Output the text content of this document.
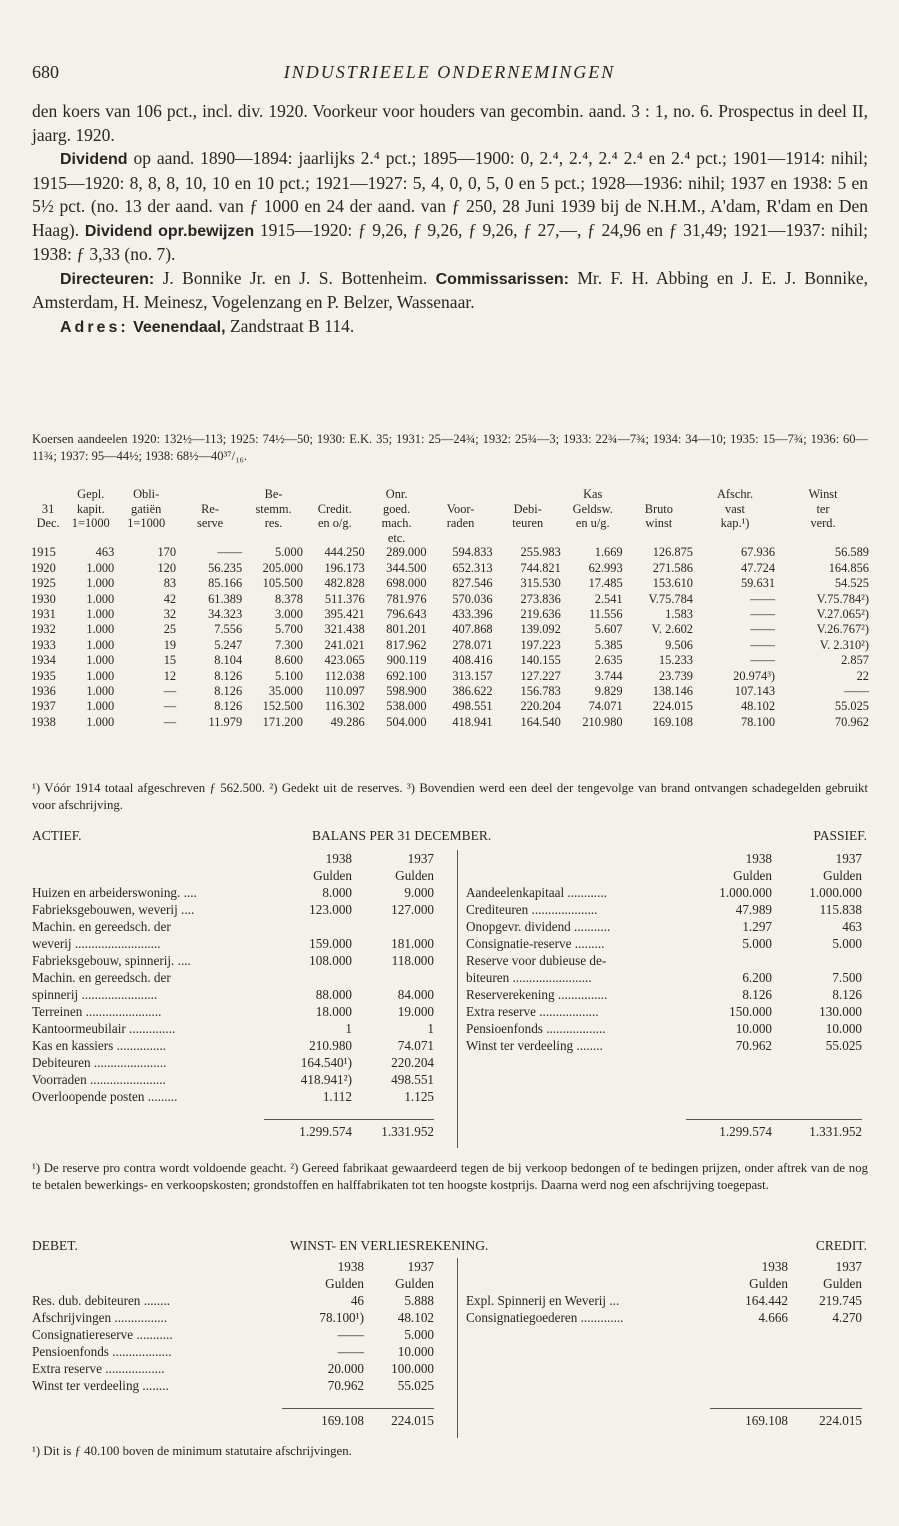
680	INDUSTRIEELE ONDERNEMINGEN

den koers van 106 pct., incl. div. 1920. Voorkeur voor houders van gecombin. aand. 3 : 1, no. 6. Prospectus in deel II, jaarg. 1920.

Dividend op aand. 1890—1894: jaarlijks 2.⁴ pct.; 1895—1900: 0, 2.⁴, 2.⁴, 2.⁴ 2.⁴ en 2.⁴ pct.; 1901—1914: nihil; 1915—1920: 8, 8, 8, 10, 10 en 10 pct.; 1921—1927: 5, 4, 0, 0, 5, 0 en 5 pct.; 1928—1936: nihil; 1937 en 1938: 5 en 5½ pct. (no. 13 der aand. van ƒ 1000 en 24 der aand. van ƒ 250, 28 Juni 1939 bij de N.H.M., A'dam, R'dam en Den Haag). Dividend opr.bewijzen 1915—1920: ƒ 9,26, ƒ 9,26, ƒ 9,26, ƒ 27,—, ƒ 24,96 en ƒ 31,49; 1921—1937: nihil; 1938: ƒ 3,33 (no. 7).

Directeuren: J. Bonnike Jr. en J. S. Bottenheim. Commissarissen: Mr. F. H. Abbing en J. E. J. Bonnike, Amsterdam, H. Meinesz, Vogelenzang en P. Belzer, Wassenaar.

Adres: Veenendaal, Zandstraat B 114.

Koersen aandeelen 1920: 132½—113; 1925: 74½—50; 1930: E.K. 35; 1931: 25—24¾; 1932: 25¾—3; 1933: 22¾—7¾; 1934: 34—10; 1935: 15—7¾; 1936: 60—11¾; 1937: 95—44½; 1938: 68½—40³⁷/₁₆.

	Gepl.	Obli-		Be-		Onr.			Kas		Afschr.	Winst
31	kapit.	gatiën	Re-	stemm.	Credit.	goed.	Voor-	Debi-	Geldsw.	Bruto	vast	ter
Dec.	1=1000	1=1000	serve	res.	en o/g.	mach.	raden	teuren	en u/g.	winst	kap.¹)	verd.
						etc.						
1915	463	170	——	5.000	444.250	289.000	594.833	255.983	1.669	126.875	67.936	56.589
1920	1.000	120	56.235	205.000	196.173	344.500	652.313	744.821	62.993	271.586	47.724	164.856
1925	1.000	83	85.166	105.500	482.828	698.000	827.546	315.530	17.485	153.610	59.631	54.525
1930	1.000	42	61.389	8.378	511.376	781.976	570.036	273.836	2.541	V.75.784	——	V.75.784²)
1931	1.000	32	34.323	3.000	395.421	796.643	433.396	219.636	11.556	1.583	——	V.27.065²)
1932	1.000	25	7.556	5.700	321.438	801.201	407.868	139.092	5.607	V. 2.602	——	V.26.767²)
1933	1.000	19	5.247	7.300	241.021	817.962	278.071	197.223	5.385	9.506	——	V. 2.310²)
1934	1.000	15	8.104	8.600	423.065	900.119	408.416	140.155	2.635	15.233	——	2.857
1935	1.000	12	8.126	5.100	112.038	692.100	313.157	127.227	3.744	23.739	20.974³)	22
1936	1.000	—	8.126	35.000	110.097	598.900	386.622	156.783	9.829	138.146	107.143	——
1937	1.000	—	8.126	152.500	116.302	538.000	498.551	220.204	74.071	224.015	48.102	55.025
1938	1.000	—	11.979	171.200	49.286	504.000	418.941	164.540	210.980	169.108	78.100	70.962

¹) Vóór 1914 totaal afgeschreven ƒ 562.500. ²) Gedekt uit de reserves. ³) Bovendien werd een deel der tengevolge van brand ontvangen schadegelden gebruikt voor afschrijving.

ACTIEF.	BALANS PER 31 DECEMBER.	PASSIEF.
	1938	1937
	Gulden	Gulden
Huizen en arbeiderswoning. ....	8.000	9.000
Fabrieksgebouwen, weverij ....	123.000	127.000
Machin. en gereedsch. der		
weverij ..........................	159.000	181.000
Fabrieksgebouw, spinnerij. ....	108.000	118.000
Machin. en gereedsch. der		
spinnerij .......................	88.000	84.000
Terreinen .......................	18.000	19.000
Kantoormeubilair ..............	1	1
Kas en kassiers ...............	210.980	74.071
Debiteuren ......................	164.540¹)	220.204
Voorraden .......................	418.941²)	498.551
Overloopende posten .........	1.112	1.125

	1.299.574	1.331.952
	1938	1937
	Gulden	Gulden
Aandeelenkapitaal ............	1.000.000	1.000.000
Crediteuren ....................	47.989	115.838
Onopgevr. dividend ...........	1.297	463
Consignatie-reserve .........	5.000	5.000
Reserve voor dubieuse de-		
biteuren ........................	6.200	7.500
Reserverekening ...............	8.126	8.126
Extra reserve ..................	150.000	130.000
Pensioenfonds ..................	10.000	10.000
Winst ter verdeeling ........	70.962	55.025

	1.299.574	1.331.952

¹) De reserve pro contra wordt voldoende geacht. ²) Gereed fabrikaat gewaardeerd tegen de bij verkoop bedongen of te bedingen prijzen, onder aftrek van de nog te betalen bewerkings- en verkoopskosten; grondstoffen en halffabrikaten tot ten hoogste kostprijs. Daarna werd nog een afschrijving toegepast.

DEBET.	WINST- EN VERLIESREKENING.	CREDIT.
	1938	1937
	Gulden	Gulden
Res. dub. debiteuren ........	46	5.888
Afschrijvingen ................	78.100¹)	48.102
Consignatiereserve ...........	——	5.000
Pensioenfonds ..................	——	10.000
Extra reserve ..................	20.000	100.000
Winst ter verdeeling ........	70.962	55.025

	169.108	224.015
	1938	1937
	Gulden	Gulden
Expl. Spinnerij en Weverij ...	164.442	219.745
Consignatiegoederen .............	4.666	4.270

	169.108	224.015

¹) Dit is ƒ 40.100 boven de minimum statutaire afschrijvingen.
